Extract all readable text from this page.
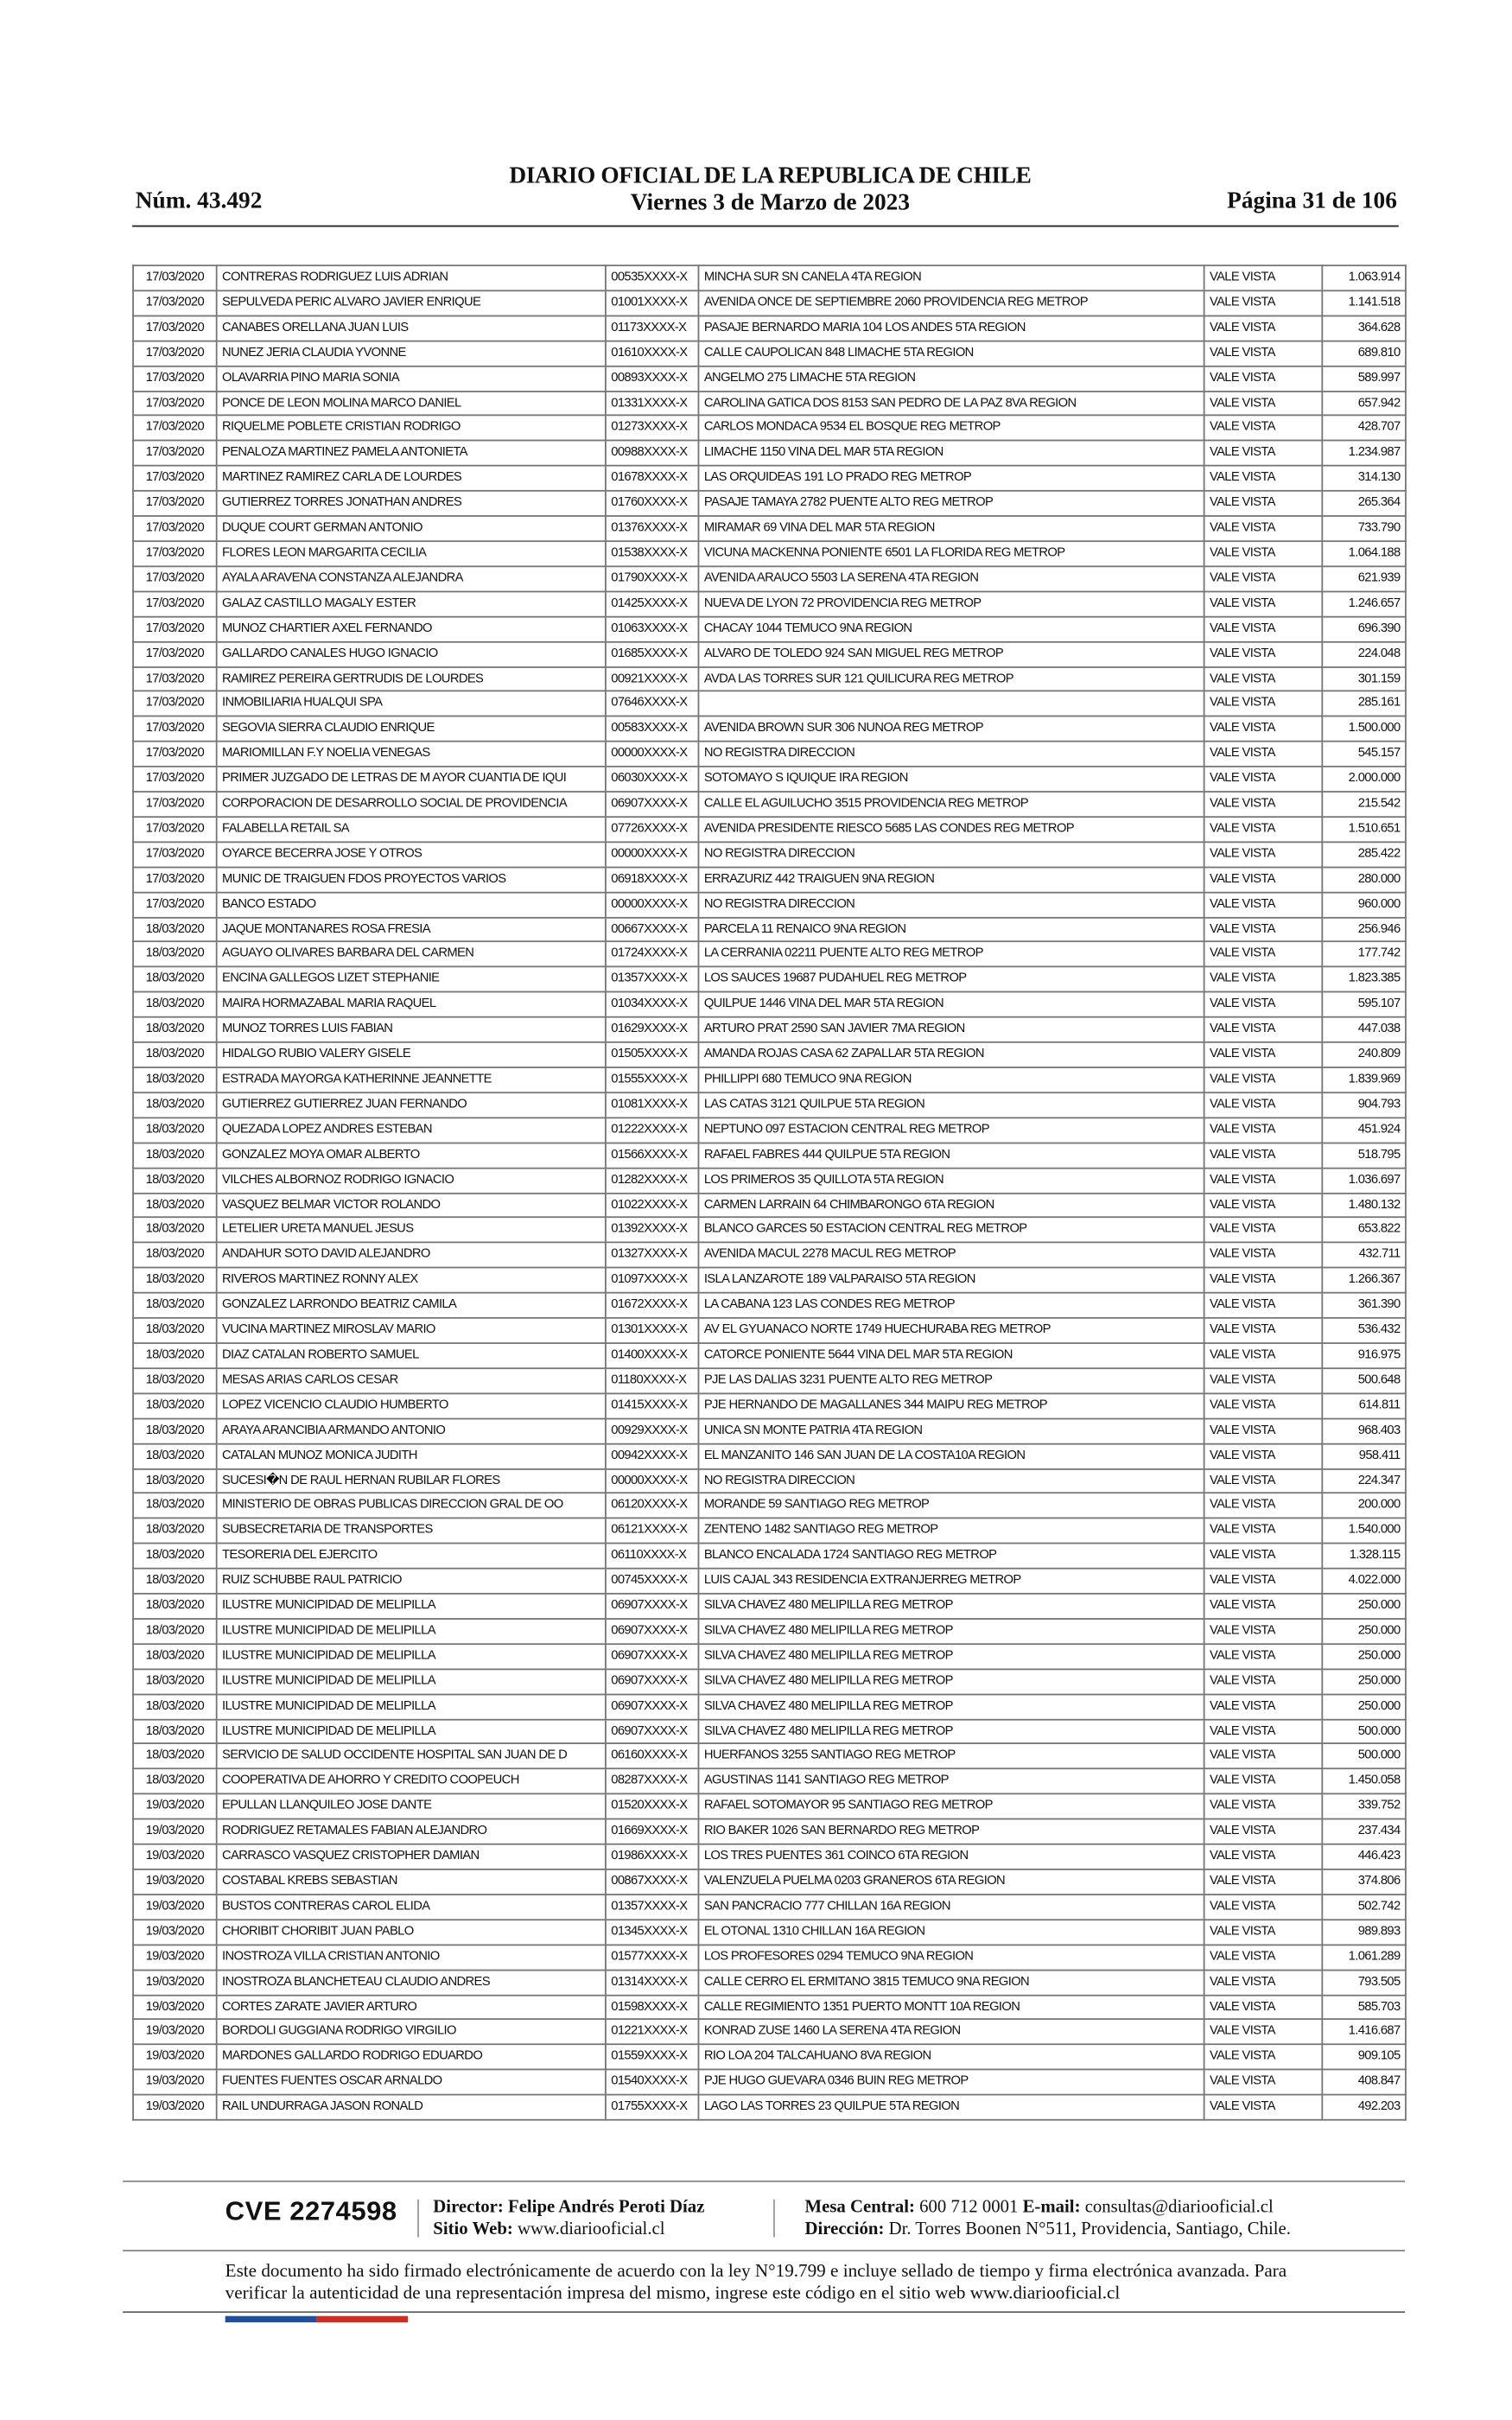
Núm. 43.492
DIARIO OFICIAL DE LA REPUBLICA DE CHILE
Viernes 3 de Marzo de 2023	Página 31 de 106
17/03/2020	CONTRERAS RODRIGUEZ LUIS ADRIAN	00535XXXX-X	MINCHA SUR SN CANELA 4TA REGION	VALE VISTA	1.063.914
17/03/2020	SEPULVEDA PERIC ALVARO JAVIER ENRIQUE	01001XXXX-X	AVENIDA ONCE DE SEPTIEMBRE 2060 PROVIDENCIA REG METROP	VALE VISTA	1.141.518
17/03/2020	CANABES ORELLANA JUAN LUIS	01173XXXX-X	PASAJE BERNARDO MARIA 104 LOS ANDES 5TA REGION	VALE VISTA	364.628
17/03/2020	NUNEZ JERIA CLAUDIA YVONNE	01610XXXX-X	CALLE CAUPOLICAN 848 LIMACHE 5TA REGION	VALE VISTA	689.810
17/03/2020	OLAVARRIA PINO MARIA SONIA	00893XXXX-X	ANGELMO 275 LIMACHE 5TA REGION	VALE VISTA	589.997
17/03/2020	PONCE DE LEON MOLINA MARCO DANIEL	01331XXXX-X	CAROLINA GATICA DOS 8153 SAN PEDRO DE LA PAZ 8VA REGION	VALE VISTA	657.942
17/03/2020	RIQUELME POBLETE CRISTIAN RODRIGO	01273XXXX-X	CARLOS MONDACA 9534 EL BOSQUE REG METROP	VALE VISTA	428.707
17/03/2020	PENALOZA MARTINEZ PAMELA ANTONIETA	00988XXXX-X	LIMACHE 1150 VINA DEL MAR 5TA REGION	VALE VISTA	1.234.987
17/03/2020	MARTINEZ RAMIREZ CARLA DE LOURDES	01678XXXX-X	LAS ORQUIDEAS 191 LO PRADO REG METROP	VALE VISTA	314.130
17/03/2020	GUTIERREZ TORRES JONATHAN ANDRES	01760XXXX-X	PASAJE TAMAYA 2782 PUENTE ALTO REG METROP	VALE VISTA	265.364
17/03/2020	DUQUE COURT GERMAN ANTONIO	01376XXXX-X	MIRAMAR 69 VINA DEL MAR 5TA REGION	VALE VISTA	733.790
17/03/2020	FLORES LEON MARGARITA CECILIA	01538XXXX-X	VICUNA MACKENNA PONIENTE 6501 LA FLORIDA REG METROP	VALE VISTA	1.064.188
17/03/2020	AYALA ARAVENA CONSTANZA ALEJANDRA	01790XXXX-X	AVENIDA ARAUCO 5503 LA SERENA 4TA REGION	VALE VISTA	621.939
17/03/2020	GALAZ CASTILLO MAGALY ESTER	01425XXXX-X	NUEVA DE LYON 72 PROVIDENCIA REG METROP	VALE VISTA	1.246.657
17/03/2020	MUNOZ CHARTIER AXEL FERNANDO	01063XXXX-X	CHACAY 1044 TEMUCO 9NA REGION	VALE VISTA	696.390
17/03/2020	GALLARDO CANALES HUGO IGNACIO	01685XXXX-X	ALVARO DE TOLEDO 924 SAN MIGUEL REG METROP	VALE VISTA	224.048
17/03/2020	RAMIREZ PEREIRA GERTRUDIS DE LOURDES	00921XXXX-X	AVDA LAS TORRES SUR 121 QUILICURA REG METROP	VALE VISTA	301.159
17/03/2020	INMOBILIARIA HUALQUI SPA	07646XXXX-X		VALE VISTA	285.161
17/03/2020	SEGOVIA SIERRA CLAUDIO ENRIQUE	00583XXXX-X	AVENIDA BROWN SUR 306 NUNOA REG METROP	VALE VISTA	1.500.000
17/03/2020	MARIOMILLAN F.Y NOELIA VENEGAS	00000XXXX-X	NO REGISTRA DIRECCION	VALE VISTA	545.157
17/03/2020	PRIMER JUZGADO DE LETRAS DE M AYOR CUANTIA DE IQUI	06030XXXX-X	SOTOMAYO S IQUIQUE IRA REGION	VALE VISTA	2.000.000
17/03/2020	CORPORACION DE DESARROLLO SOCIAL DE PROVIDENCIA	06907XXXX-X	CALLE EL AGUILUCHO 3515 PROVIDENCIA REG METROP	VALE VISTA	215.542
17/03/2020	FALABELLA RETAIL SA	07726XXXX-X	AVENIDA PRESIDENTE RIESCO 5685 LAS CONDES REG METROP	VALE VISTA	1.510.651
17/03/2020	OYARCE BECERRA JOSE Y OTROS	00000XXXX-X	NO REGISTRA DIRECCION	VALE VISTA	285.422
17/03/2020	MUNIC DE TRAIGUEN FDOS PROYECTOS VARIOS	06918XXXX-X	ERRAZURIZ 442 TRAIGUEN 9NA REGION	VALE VISTA	280.000
17/03/2020	BANCO ESTADO	00000XXXX-X	NO REGISTRA DIRECCION	VALE VISTA	960.000
18/03/2020	JAQUE MONTANARES ROSA FRESIA	00667XXXX-X	PARCELA 11 RENAICO 9NA REGION	VALE VISTA	256.946
18/03/2020	AGUAYO OLIVARES BARBARA DEL CARMEN	01724XXXX-X	LA CERRANIA 02211 PUENTE ALTO REG METROP	VALE VISTA	177.742
18/03/2020	ENCINA GALLEGOS LIZET STEPHANIE	01357XXXX-X	LOS SAUCES 19687 PUDAHUEL REG METROP	VALE VISTA	1.823.385
18/03/2020	MAIRA HORMAZABAL MARIA RAQUEL	01034XXXX-X	QUILPUE 1446 VINA DEL MAR 5TA REGION	VALE VISTA	595.107
18/03/2020	MUNOZ TORRES LUIS FABIAN	01629XXXX-X	ARTURO PRAT 2590 SAN JAVIER 7MA REGION	VALE VISTA	447.038
18/03/2020	HIDALGO RUBIO VALERY GISELE	01505XXXX-X	AMANDA ROJAS CASA 62 ZAPALLAR 5TA REGION	VALE VISTA	240.809
18/03/2020	ESTRADA MAYORGA KATHERINNE JEANNETTE	01555XXXX-X	PHILLIPPI 680 TEMUCO 9NA REGION	VALE VISTA	1.839.969
18/03/2020	GUTIERREZ GUTIERREZ JUAN FERNANDO	01081XXXX-X	LAS CATAS 3121 QUILPUE 5TA REGION	VALE VISTA	904.793
18/03/2020	QUEZADA LOPEZ ANDRES ESTEBAN	01222XXXX-X	NEPTUNO 097 ESTACION CENTRAL REG METROP	VALE VISTA	451.924
18/03/2020	GONZALEZ MOYA OMAR ALBERTO	01566XXXX-X	RAFAEL FABRES 444 QUILPUE 5TA REGION	VALE VISTA	518.795
18/03/2020	VILCHES ALBORNOZ RODRIGO IGNACIO	01282XXXX-X	LOS PRIMEROS 35 QUILLOTA 5TA REGION	VALE VISTA	1.036.697
18/03/2020	VASQUEZ BELMAR VICTOR ROLANDO	01022XXXX-X	CARMEN LARRAIN 64 CHIMBARONGO 6TA REGION	VALE VISTA	1.480.132
18/03/2020	LETELIER URETA MANUEL JESUS	01392XXXX-X	BLANCO GARCES 50 ESTACION CENTRAL REG METROP	VALE VISTA	653.822
18/03/2020	ANDAHUR SOTO DAVID ALEJANDRO	01327XXXX-X	AVENIDA MACUL 2278 MACUL REG METROP	VALE VISTA	432.711
18/03/2020	RIVEROS MARTINEZ RONNY ALEX	01097XXXX-X	ISLA LANZAROTE 189 VALPARAISO 5TA REGION	VALE VISTA	1.266.367
18/03/2020	GONZALEZ LARRONDO BEATRIZ CAMILA	01672XXXX-X	LA CABANA 123 LAS CONDES REG METROP	VALE VISTA	361.390
18/03/2020	VUCINA MARTINEZ MIROSLAV MARIO	01301XXXX-X	AV EL GYUANACO NORTE 1749 HUECHURABA REG METROP	VALE VISTA	536.432
18/03/2020	DIAZ CATALAN ROBERTO SAMUEL	01400XXXX-X	CATORCE PONIENTE 5644 VINA DEL MAR 5TA REGION	VALE VISTA	916.975
18/03/2020	MESAS ARIAS CARLOS CESAR	01180XXXX-X	PJE LAS DALIAS 3231 PUENTE ALTO REG METROP	VALE VISTA	500.648
18/03/2020	LOPEZ VICENCIO CLAUDIO HUMBERTO	01415XXXX-X	PJE HERNANDO DE MAGALLANES 344 MAIPU REG METROP	VALE VISTA	614.811
18/03/2020	ARAYA ARANCIBIA ARMANDO ANTONIO	00929XXXX-X	UNICA SN MONTE PATRIA 4TA REGION	VALE VISTA	968.403
18/03/2020	CATALAN MUNOZ MONICA JUDITH	00942XXXX-X	EL MANZANITO 146 SAN JUAN DE LA COSTA10A REGION	VALE VISTA	958.411
18/03/2020	SUCESI�N DE RAUL HERNAN RUBILAR FLORES	00000XXXX-X	NO REGISTRA DIRECCION	VALE VISTA	224.347
18/03/2020	MINISTERIO DE OBRAS PUBLICAS DIRECCION GRAL DE OO	06120XXXX-X	MORANDE 59 SANTIAGO REG METROP	VALE VISTA	200.000
18/03/2020	SUBSECRETARIA DE TRANSPORTES	06121XXXX-X	ZENTENO 1482 SANTIAGO REG METROP	VALE VISTA	1.540.000
18/03/2020	TESORERIA DEL EJERCITO	06110XXXX-X	BLANCO ENCALADA 1724 SANTIAGO REG METROP	VALE VISTA	1.328.115
18/03/2020	RUIZ SCHUBBE RAUL PATRICIO	00745XXXX-X	LUIS CAJAL 343 RESIDENCIA EXTRANJERREG METROP	VALE VISTA	4.022.000
18/03/2020	ILUSTRE MUNICIPIDAD DE MELIPILLA	06907XXXX-X	SILVA CHAVEZ 480 MELIPILLA REG METROP	VALE VISTA	250.000
18/03/2020	ILUSTRE MUNICIPIDAD DE MELIPILLA	06907XXXX-X	SILVA CHAVEZ 480 MELIPILLA REG METROP	VALE VISTA	250.000
18/03/2020	ILUSTRE MUNICIPIDAD DE MELIPILLA	06907XXXX-X	SILVA CHAVEZ 480 MELIPILLA REG METROP	VALE VISTA	250.000
18/03/2020	ILUSTRE MUNICIPIDAD DE MELIPILLA	06907XXXX-X	SILVA CHAVEZ 480 MELIPILLA REG METROP	VALE VISTA	250.000
18/03/2020	ILUSTRE MUNICIPIDAD DE MELIPILLA	06907XXXX-X	SILVA CHAVEZ 480 MELIPILLA REG METROP	VALE VISTA	250.000
18/03/2020	ILUSTRE MUNICIPIDAD DE MELIPILLA	06907XXXX-X	SILVA CHAVEZ 480 MELIPILLA REG METROP	VALE VISTA	500.000
18/03/2020	SERVICIO DE SALUD OCCIDENTE HOSPITAL SAN JUAN DE D	06160XXXX-X	HUERFANOS 3255 SANTIAGO REG METROP	VALE VISTA	500.000
18/03/2020	COOPERATIVA DE AHORRO Y CREDITO COOPEUCH	08287XXXX-X	AGUSTINAS 1141 SANTIAGO REG METROP	VALE VISTA	1.450.058
19/03/2020	EPULLAN LLANQUILEO JOSE DANTE	01520XXXX-X	RAFAEL SOTOMAYOR 95 SANTIAGO REG METROP	VALE VISTA	339.752
19/03/2020	RODRIGUEZ RETAMALES FABIAN ALEJANDRO	01669XXXX-X	RIO BAKER 1026 SAN BERNARDO REG METROP	VALE VISTA	237.434
19/03/2020	CARRASCO VASQUEZ CRISTOPHER DAMIAN	01986XXXX-X	LOS TRES PUENTES 361 COINCO 6TA REGION	VALE VISTA	446.423
19/03/2020	COSTABAL KREBS SEBASTIAN	00867XXXX-X	VALENZUELA PUELMA 0203 GRANEROS 6TA REGION	VALE VISTA	374.806
19/03/2020	BUSTOS CONTRERAS CAROL ELIDA	01357XXXX-X	SAN PANCRACIO 777 CHILLAN 16A REGION	VALE VISTA	502.742
19/03/2020	CHORIBIT CHORIBIT JUAN PABLO	01345XXXX-X	EL OTONAL 1310 CHILLAN 16A REGION	VALE VISTA	989.893
19/03/2020	INOSTROZA VILLA CRISTIAN ANTONIO	01577XXXX-X	LOS PROFESORES 0294 TEMUCO 9NA REGION	VALE VISTA	1.061.289
19/03/2020	INOSTROZA BLANCHETEAU CLAUDIO ANDRES	01314XXXX-X	CALLE CERRO EL ERMITANO 3815 TEMUCO 9NA REGION	VALE VISTA	793.505
19/03/2020	CORTES ZARATE JAVIER ARTURO	01598XXXX-X	CALLE REGIMIENTO 1351 PUERTO MONTT 10A REGION	VALE VISTA	585.703
19/03/2020	BORDOLI GUGGIANA RODRIGO VIRGILIO	01221XXXX-X	KONRAD ZUSE 1460 LA SERENA 4TA REGION	VALE VISTA	1.416.687
19/03/2020	MARDONES GALLARDO RODRIGO EDUARDO	01559XXXX-X	RIO LOA 204 TALCAHUANO 8VA REGION	VALE VISTA	909.105
19/03/2020	FUENTES FUENTES OSCAR ARNALDO	01540XXXX-X	PJE HUGO GUEVARA 0346 BUIN REG METROP	VALE VISTA	408.847
19/03/2020	RAIL UNDURRAGA JASON RONALD	01755XXXX-X	LAGO LAS TORRES 23 QUILPUE 5TA REGION	VALE VISTA	492.203
CVE 2274598	Director: Felipe Andrés Peroti Díaz
Sitio Web: www.diariooficial.cl
Mesa Central: 600 712 0001 E-mail: consultas@diariooficial.cl
Dirección: Dr. Torres Boonen N°511, Providencia, Santiago, Chile.
Este documento ha sido firmado electrónicamente de acuerdo con la ley N°19.799 e incluye sellado de tiempo y firma electrónica avanzada. Para verificar la autenticidad de una representación impresa del mismo, ingrese este código en el sitio web www.diariooficial.cl
